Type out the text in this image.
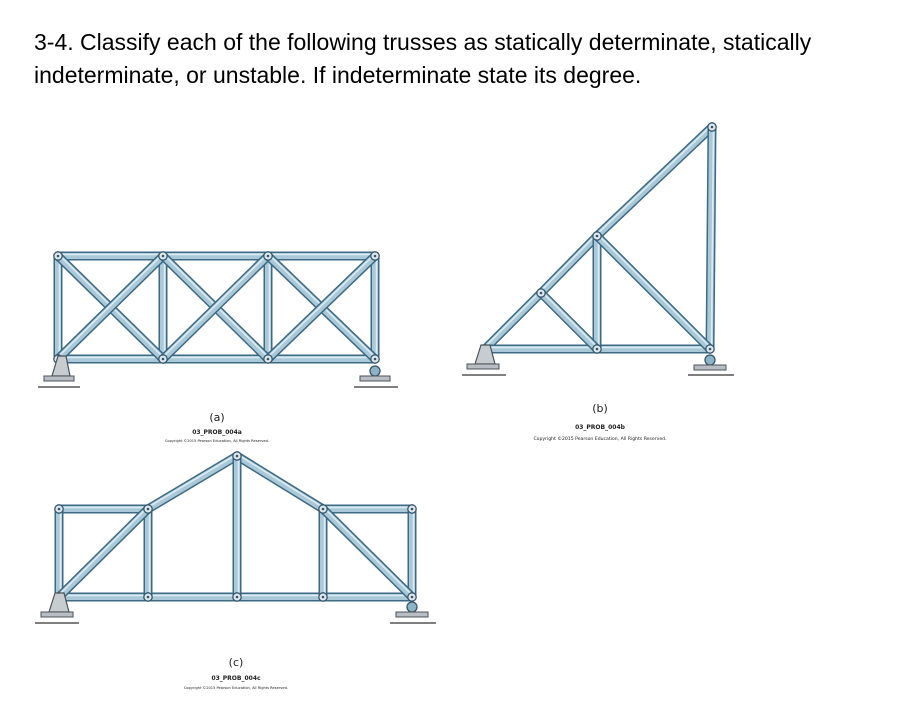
3-4. Classify each of the following trusses as statically determinate, statically indeterminate, or unstable. If indeterminate state its degree.

(a)
03_PROB_004a
Copyright ©2015 Pearson Education, All Rights Reserved.
(b)
03_PROB_004b
Copyright ©2015 Pearson Education, All Rights Reserved.
(c)
03_PROB_004c
Copyright ©2015 Pearson Education, All Rights Reserved.
